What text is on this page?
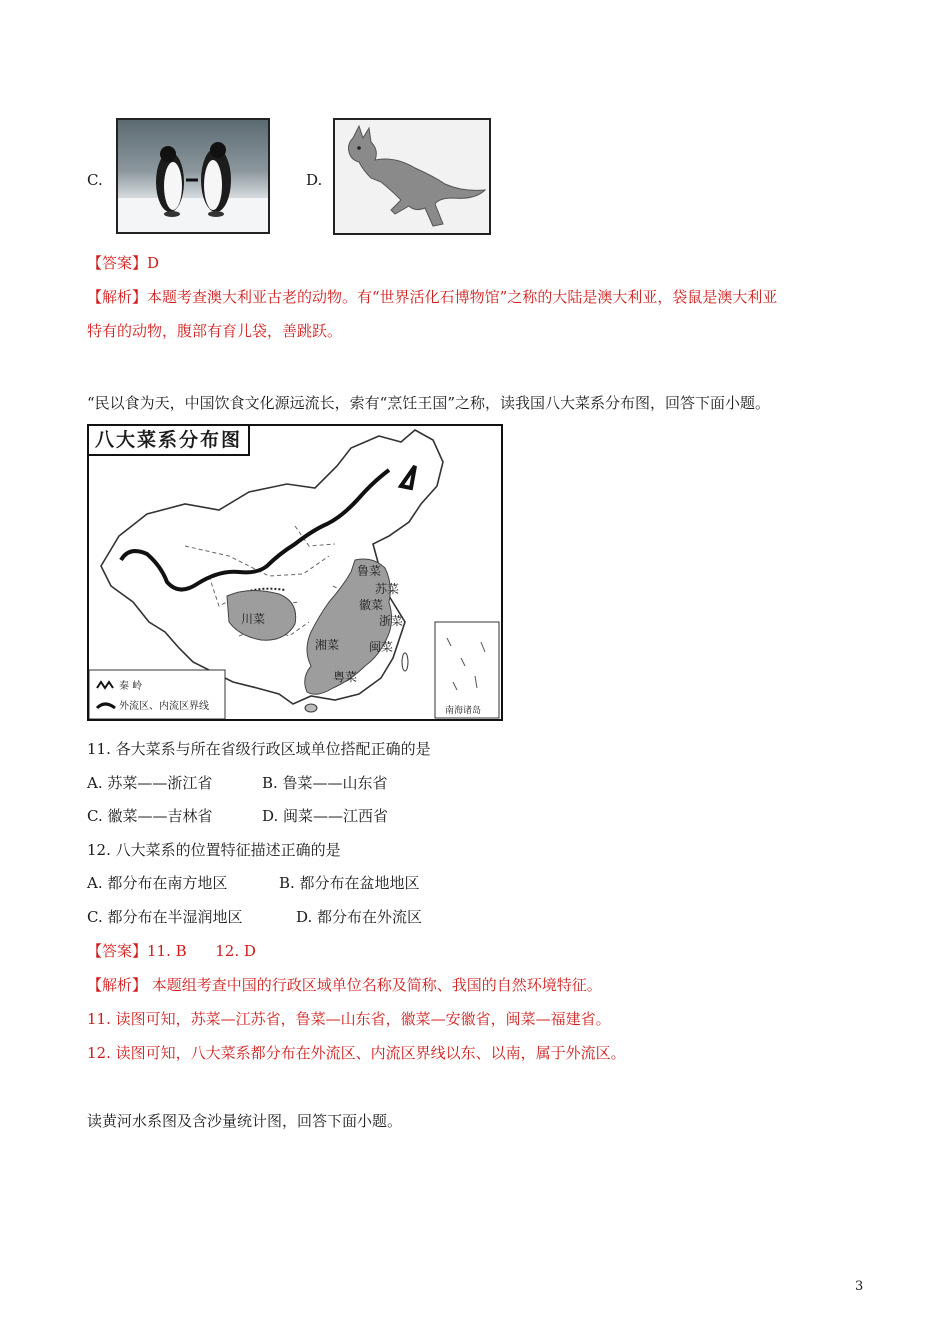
C.	D.
【答案】D
【解析】本题考查澳大利亚古老的动物。有“世界活化石博物馆”之称的大陆是澳大利亚，袋鼠是澳大利亚
特有的动物，腹部有育儿袋，善跳跃。
“民以食为天，中国饮食文化源远流长，索有“烹饪王国”之称，读我国八大菜系分布图，回答下面小题。
八大菜系分布图
鲁菜
苏菜
徽菜
浙菜
川菜
湘菜 闽菜
粤菜
秦 岭
外流区、内流区界线	南海诸岛
11. 各大菜系与所在省级行政区域单位搭配正确的是
A. 苏菜——浙江省	B. 鲁菜——山东省
C. 徽菜——吉林省	D. 闽菜——江西省
12. 八大菜系的位置特征描述正确的是
A. 都分布在南方地区	B. 都分布在盆地地区
C. 都分布在半湿润地区	D. 都分布在外流区
【答案】11. B      12. D
【解析】 本题组考查中国的行政区域单位名称及简称、我国的自然环境特征。
11. 读图可知，苏菜—江苏省，鲁菜—山东省，徽菜—安徽省，闽菜—福建省。
12. 读图可知，八大菜系都分布在外流区、内流区界线以东、以南，属于外流区。
读黄河水系图及含沙量统计图，回答下面小题。
3
